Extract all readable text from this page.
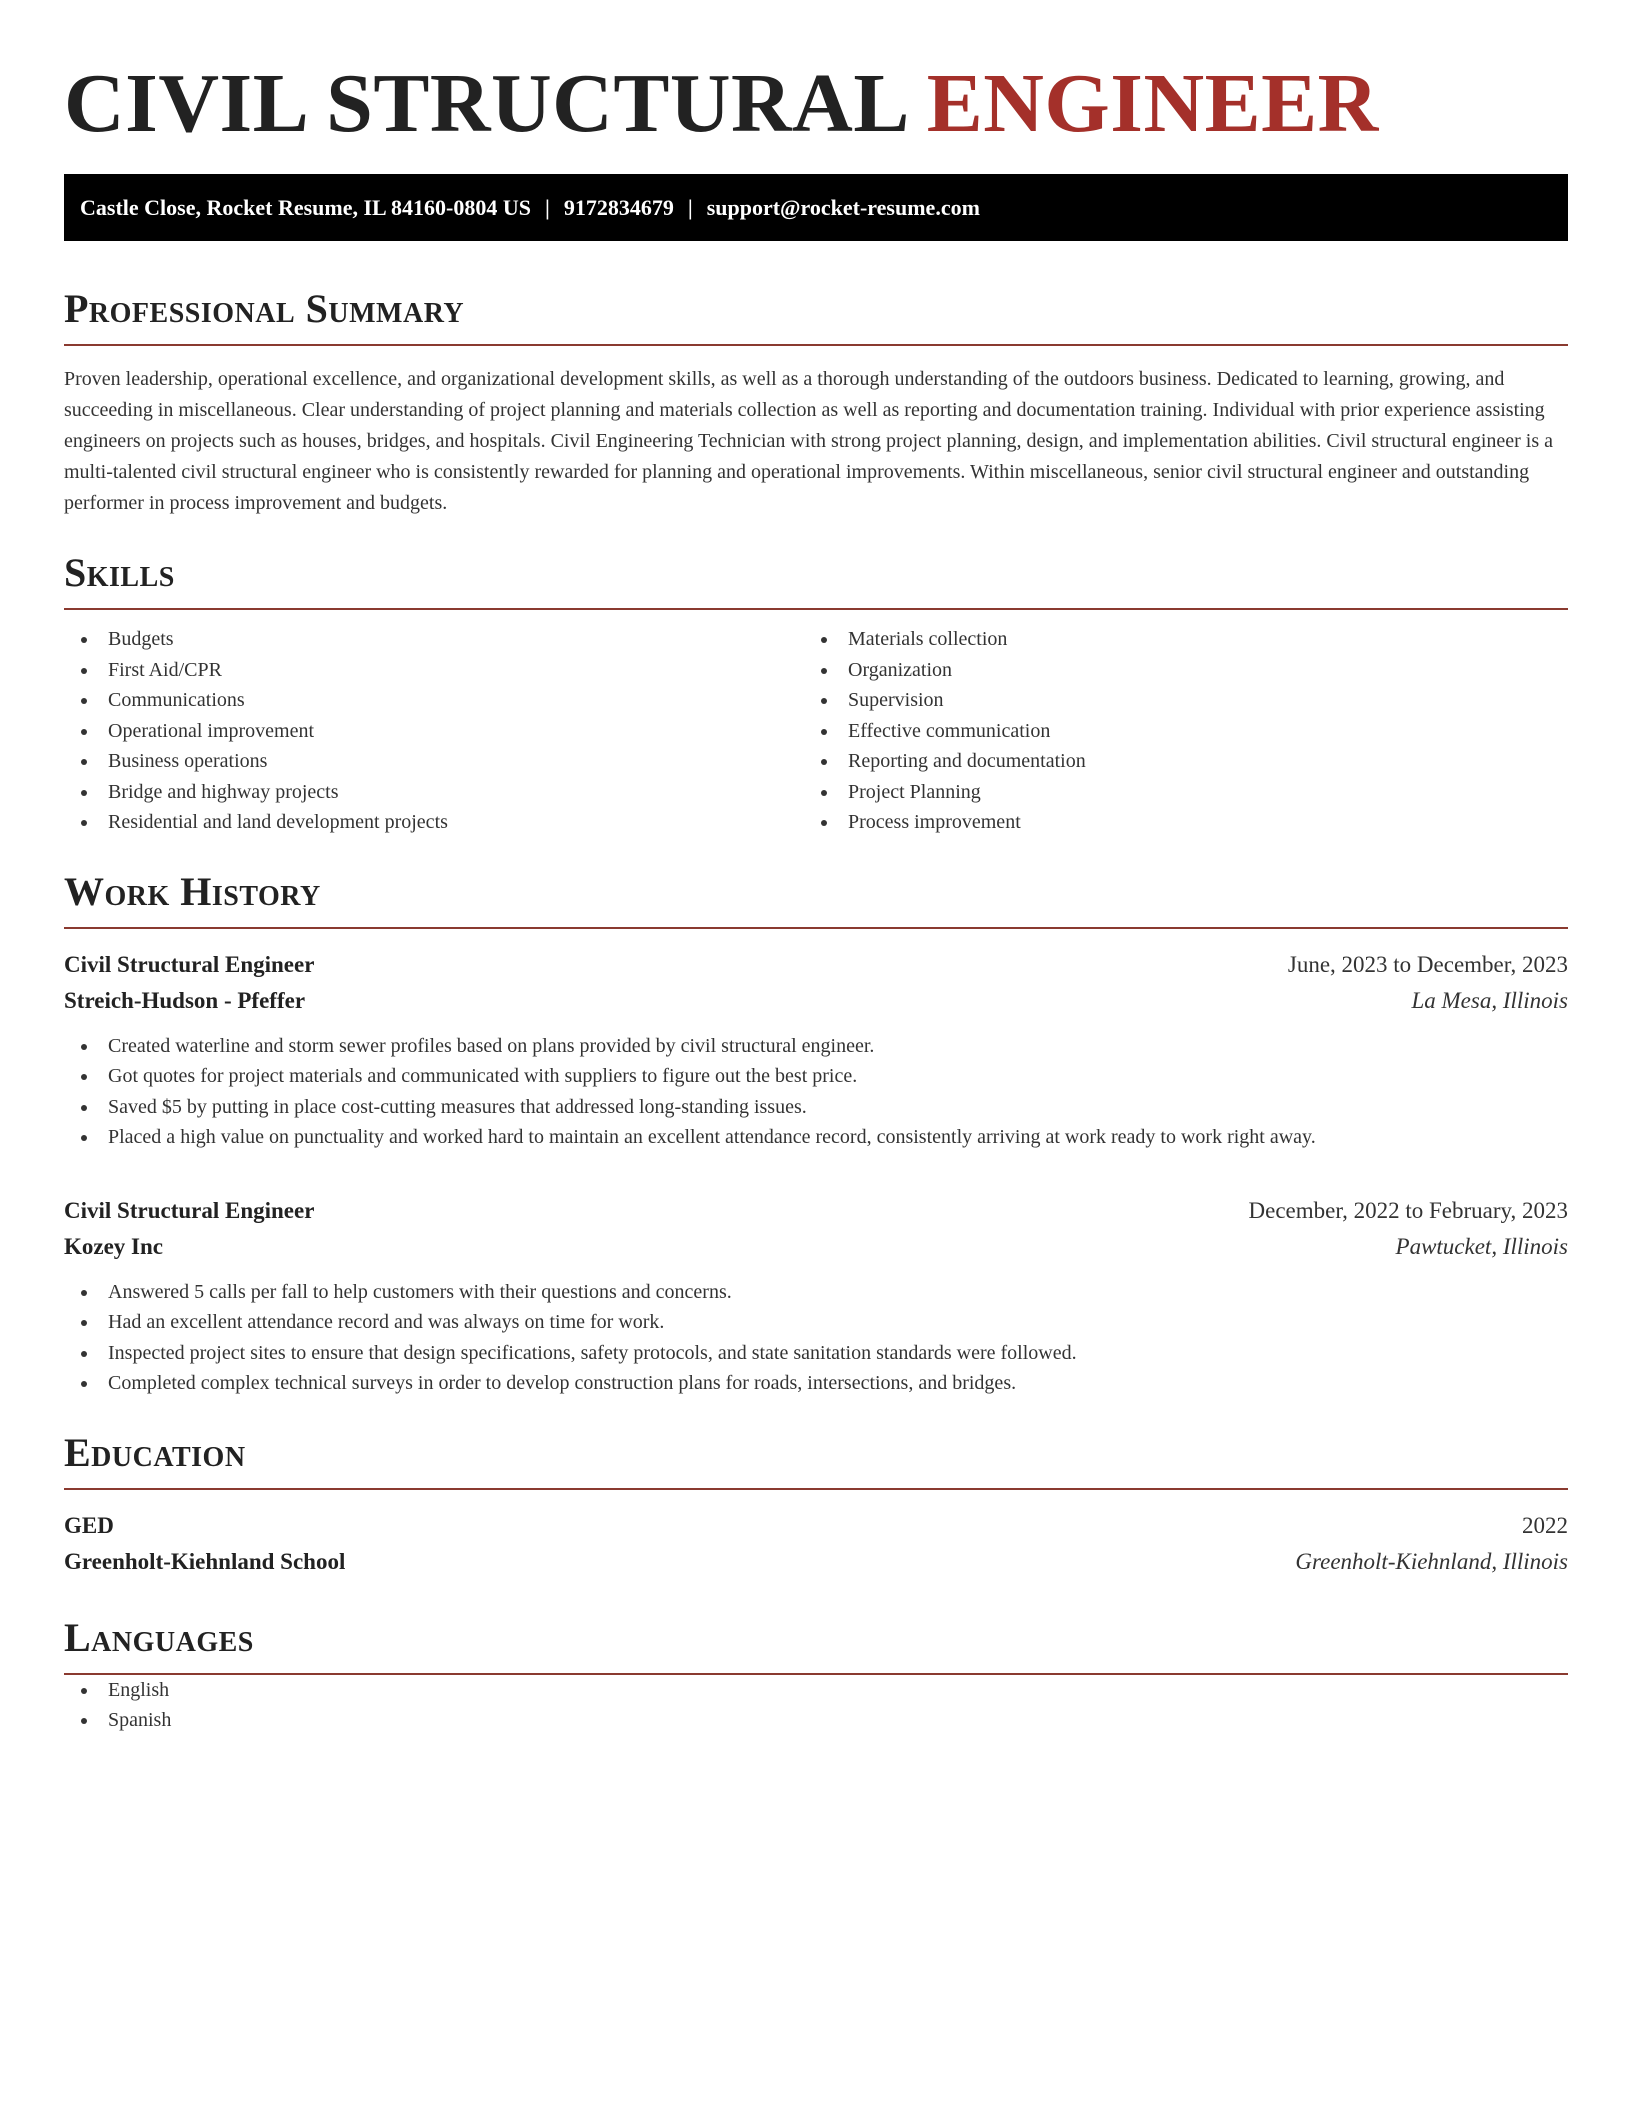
CIVIL STRUCTURAL ENGINEER
Castle Close, Rocket Resume, IL 84160-0804 US | 9172834679 | support@rocket-resume.com
Professional Summary

Proven leadership, operational excellence, and organizational development skills, as well as a thorough understanding of the outdoors business. Dedicated to learning, growing, and succeeding in miscellaneous. Clear understanding of project planning and materials collection as well as reporting and documentation training. Individual with prior experience assisting engineers on projects such as houses, bridges, and hospitals. Civil Engineering Technician with strong project planning, design, and implementation abilities. Civil structural engineer is a multi-talented civil structural engineer who is consistently rewarded for planning and operational improvements. Within miscellaneous, senior civil structural engineer and outstanding performer in process improvement and budgets.

Skills
Budgets
First Aid/CPR
Communications
Operational improvement
Business operations
Bridge and highway projects
Residential and land development projects
Materials collection
Organization
Supervision
Effective communication
Reporting and documentation
Project Planning
Process improvement
Work History
Civil Structural Engineer	June, 2023 to December, 2023
Streich-Hudson - Pfeffer	La Mesa, Illinois
Created waterline and storm sewer profiles based on plans provided by civil structural engineer.
Got quotes for project materials and communicated with suppliers to figure out the best price.
Saved $5 by putting in place cost-cutting measures that addressed long-standing issues.
Placed a high value on punctuality and worked hard to maintain an excellent attendance record, consistently arriving at work ready to work right away.
Civil Structural Engineer	December, 2022 to February, 2023
Kozey Inc	Pawtucket, Illinois
Answered 5 calls per fall to help customers with their questions and concerns.
Had an excellent attendance record and was always on time for work.
Inspected project sites to ensure that design specifications, safety protocols, and state sanitation standards were followed.
Completed complex technical surveys in order to develop construction plans for roads, intersections, and bridges.
Education
GED	2022
Greenholt-Kiehnland School	Greenholt-Kiehnland, Illinois
Languages
English
Spanish
